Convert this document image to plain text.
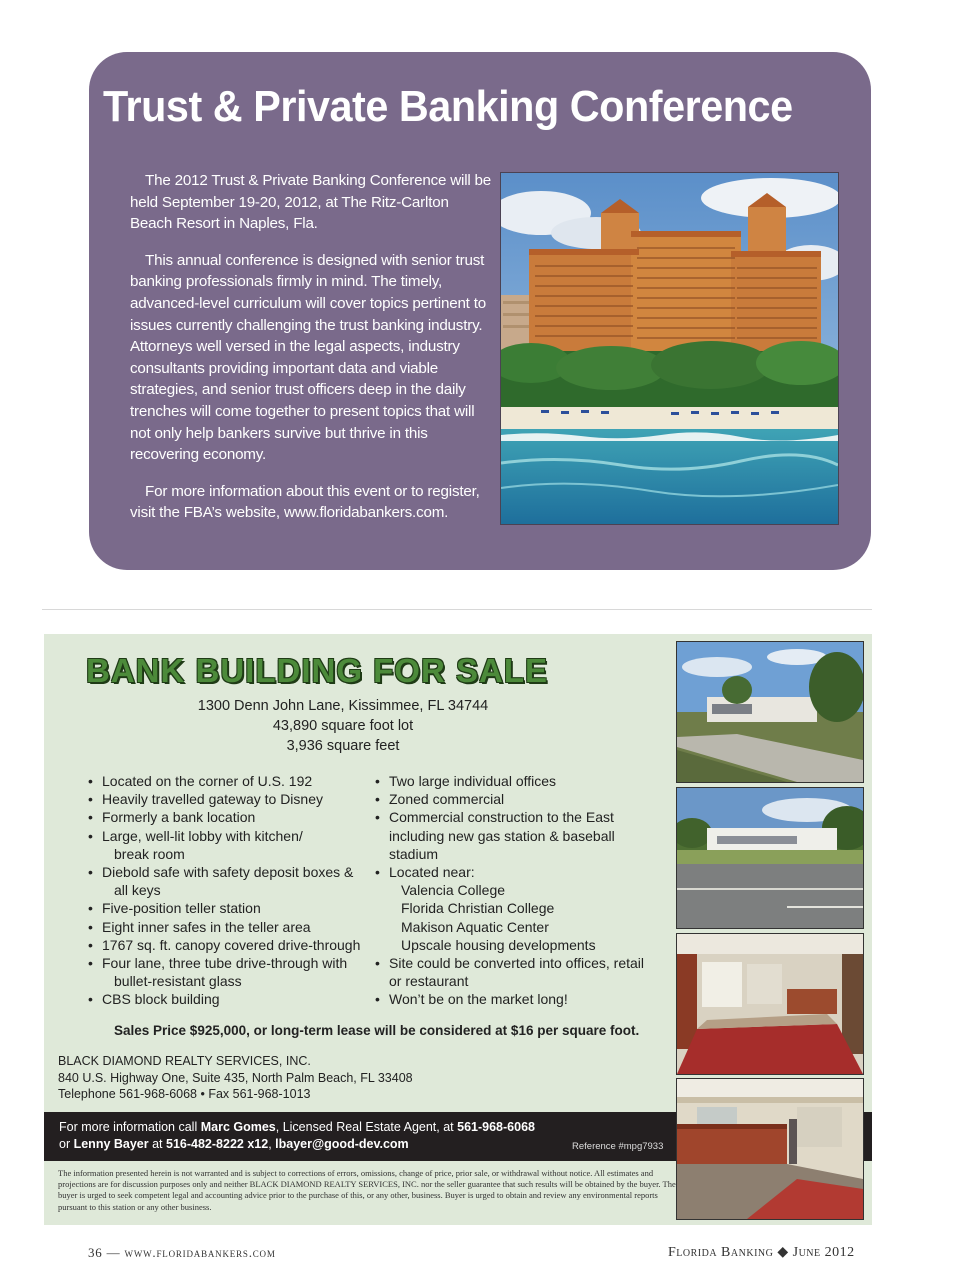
Trust & Private Banking Conference

The 2012 Trust & Private Banking Conference will be held September 19-20, 2012, at The Ritz-Carlton Beach Resort in Naples, Fla.

This annual conference is designed with senior trust banking professionals firmly in mind. The timely, advanced-level curriculum will cover topics pertinent to issues currently challenging the trust banking industry. Attorneys well versed in the legal aspects, industry consultants providing important data and viable strategies, and senior trust officers deep in the daily trenches will come together to present topics that will not only help bankers survive but thrive in this recovering economy.

For more information about this event or to register, visit the FBA’s website, www.floridabankers.com.

BANK BUILDING FOR SALE
1300 Denn John Lane, Kissimmee, FL 34744
43,890 square foot lot
3,936 square feet
• Located on the corner of U.S. 192
• Heavily travelled gateway to Disney
• Formerly a bank location
• Large, well-lit lobby with kitchen/
break room
• Diebold safe with safety deposit boxes &
all keys
• Five-position teller station
• Eight inner safes in the teller area
• 1767 sq. ft. canopy covered drive-through
• Four lane, three tube drive-through with
bullet-resistant glass
• CBS block building
• Two large individual offices
• Zoned commercial
• Commercial construction to the East
including new gas station & baseball
stadium
• Located near:
Valencia College
Florida Christian College
Makison Aquatic Center
Upscale housing developments
• Site could be converted into offices, retail
or restaurant
• Won’t be on the market long!
Sales Price $925,000, or long-term lease will be considered at $16 per square foot.
BLACK DIAMOND REALTY SERVICES, INC.
840 U.S. Highway One, Suite 435, North Palm Beach, FL 33408
Telephone 561-968-6068 • Fax 561-968-1013
For more information call Marc Gomes, Licensed Real Estate Agent, at 561-968-6068
or Lenny Bayer at 516-482-8222 x12, lbayer@good-dev.com	Reference #mpg7933
The information presented herein is not warranted and is subject to corrections of errors, omissions, change of price, prior sale, or withdrawal without notice. All estimates and projections are for discussion purposes only and neither BLACK DIAMOND REALTY SERVICES, INC. nor the seller guarantee that such results will be obtained by the buyer. The buyer is urged to seek competent legal and accounting advice prior to the purchase of this, or any other, business. Buyer is urged to obtain and review any environmental reports pursuant to this station or any other business.
36 — www.floridabankers.com	Florida Banking ◆ June 2012
